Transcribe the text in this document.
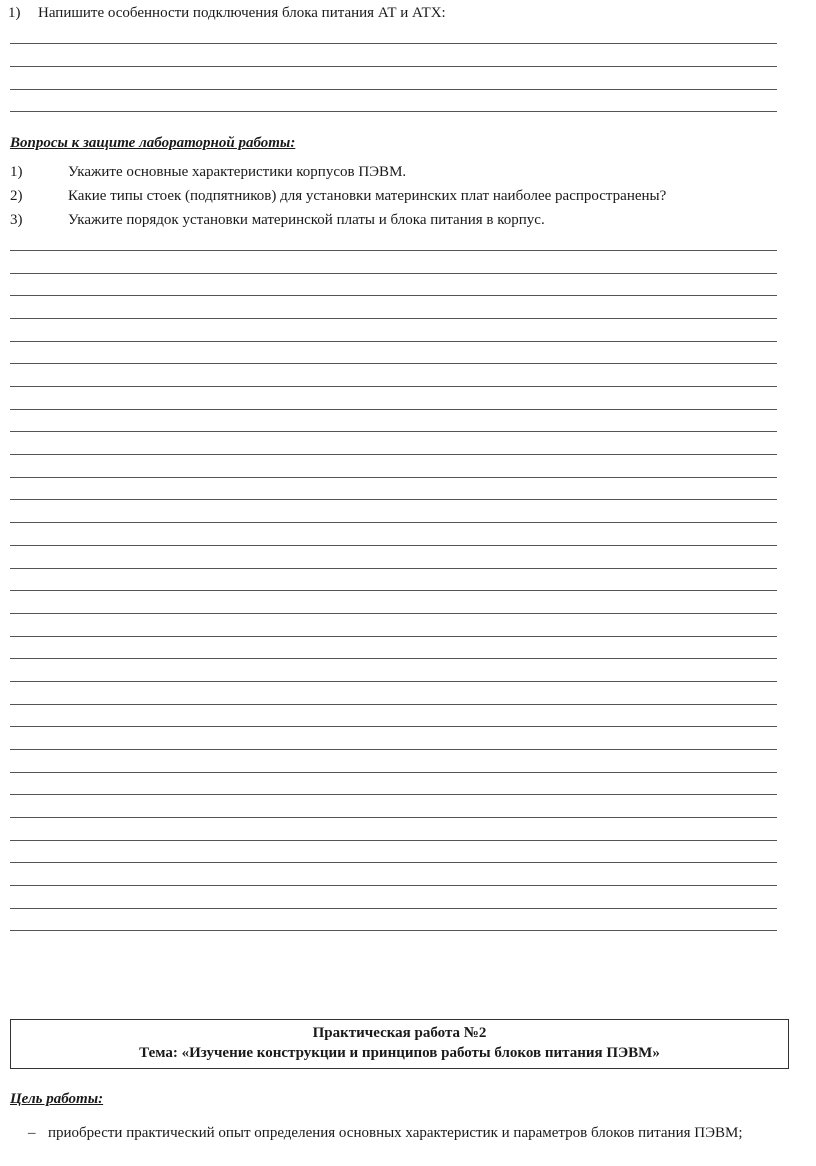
1) Напишите особенности подключения блока питания АТ и АТХ:
Вопросы к защите лабораторной работы:
1)	Укажите основные характеристики корпусов ПЭВМ.
2)	Какие типы стоек (подпятников) для установки материнских плат наиболее распространены?
3)	Укажите порядок установки материнской платы и блока питания в корпус.
Практическая работа №2
Тема: «Изучение конструкции и принципов работы блоков питания ПЭВМ»
Цель работы:
– приобрести практический опыт определения основных характеристик и параметров блоков питания ПЭВМ;
